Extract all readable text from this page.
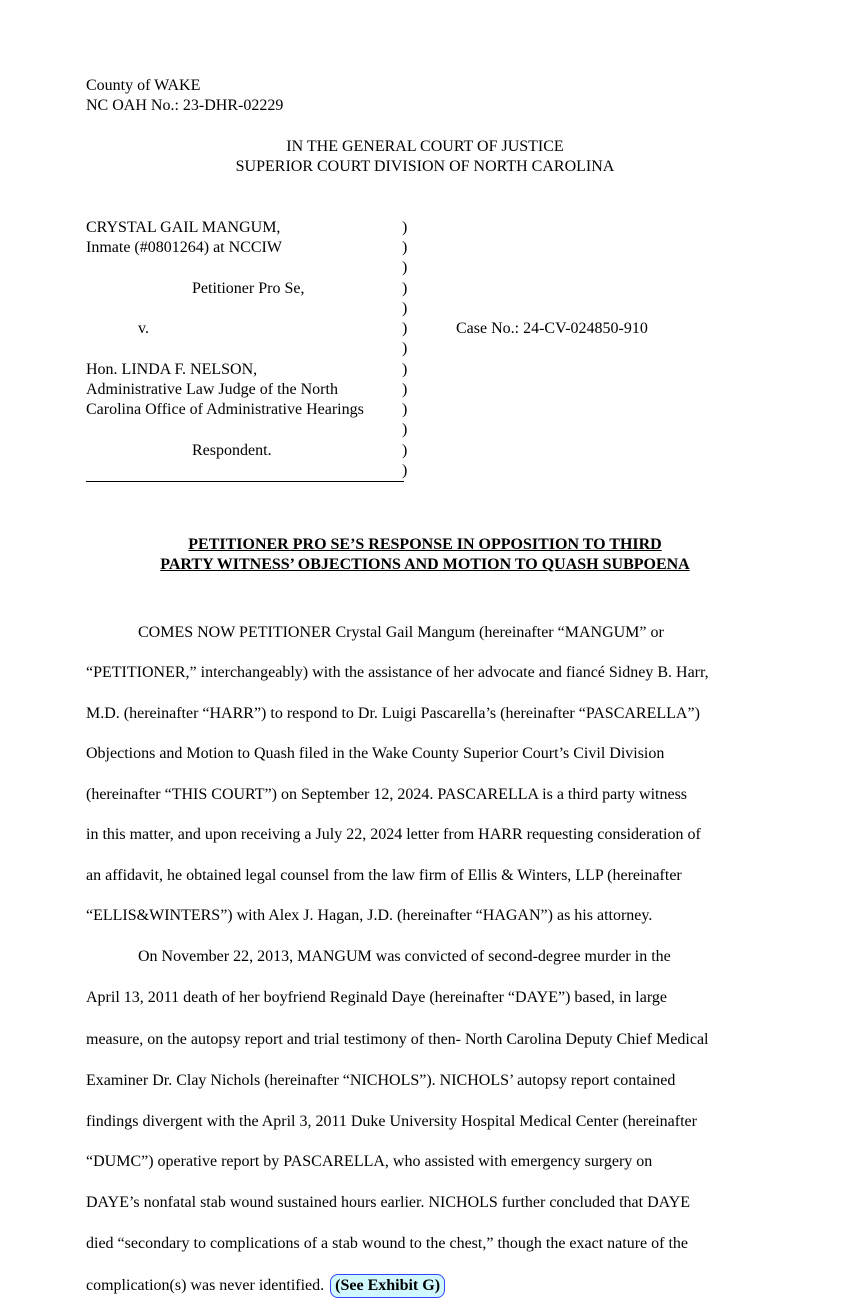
County of WAKE
NC OAH No.: 23-DHR-02229
IN THE GENERAL COURT OF JUSTICE
SUPERIOR COURT DIVISION OF NORTH CAROLINA
CRYSTAL GAIL MANGUM,
Inmate (#0801264) at NCCIW
Petitioner Pro Se,
v.
Hon. LINDA F. NELSON,
Administrative Law Judge of the North
Carolina Office of Administrative Hearings
Respondent.
)
)
)
)
)
)
)
)
)
)
)
)
)
Case No.: 24-CV-024850-910
PETITIONER PRO SE’S RESPONSE IN OPPOSITION TO THIRD
PARTY WITNESS’ OBJECTIONS AND MOTION TO QUASH SUBPOENA
COMES NOW PETITIONER Crystal Gail Mangum (hereinafter “MANGUM” or
“PETITIONER,” interchangeably) with the assistance of her advocate and fiancé Sidney B. Harr,
M.D. (hereinafter “HARR”) to respond to Dr. Luigi Pascarella’s (hereinafter “PASCARELLA”)
Objections and Motion to Quash filed in the Wake County Superior Court’s Civil Division
(hereinafter “THIS COURT”) on September 12, 2024. PASCARELLA is a third party witness
in this matter, and upon receiving a July 22, 2024 letter from HARR requesting consideration of
an affidavit, he obtained legal counsel from the law firm of Ellis & Winters, LLP (hereinafter
“ELLIS&WINTERS”) with Alex J. Hagan, J.D. (hereinafter “HAGAN”) as his attorney.
On November 22, 2013, MANGUM was convicted of second-degree murder in the
April 13, 2011 death of her boyfriend Reginald Daye (hereinafter “DAYE”) based, in large
measure, on the autopsy report and trial testimony of then- North Carolina Deputy Chief Medical
Examiner Dr. Clay Nichols (hereinafter “NICHOLS”). NICHOLS’ autopsy report contained
findings divergent with the April 3, 2011 Duke University Hospital Medical Center (hereinafter
“DUMC”) operative report by PASCARELLA, who assisted with emergency surgery on
DAYE’s nonfatal stab wound sustained hours earlier. NICHOLS further concluded that DAYE
died “secondary to complications of a stab wound to the chest,” though the exact nature of the
complication(s) was never identified. (See Exhibit G)
